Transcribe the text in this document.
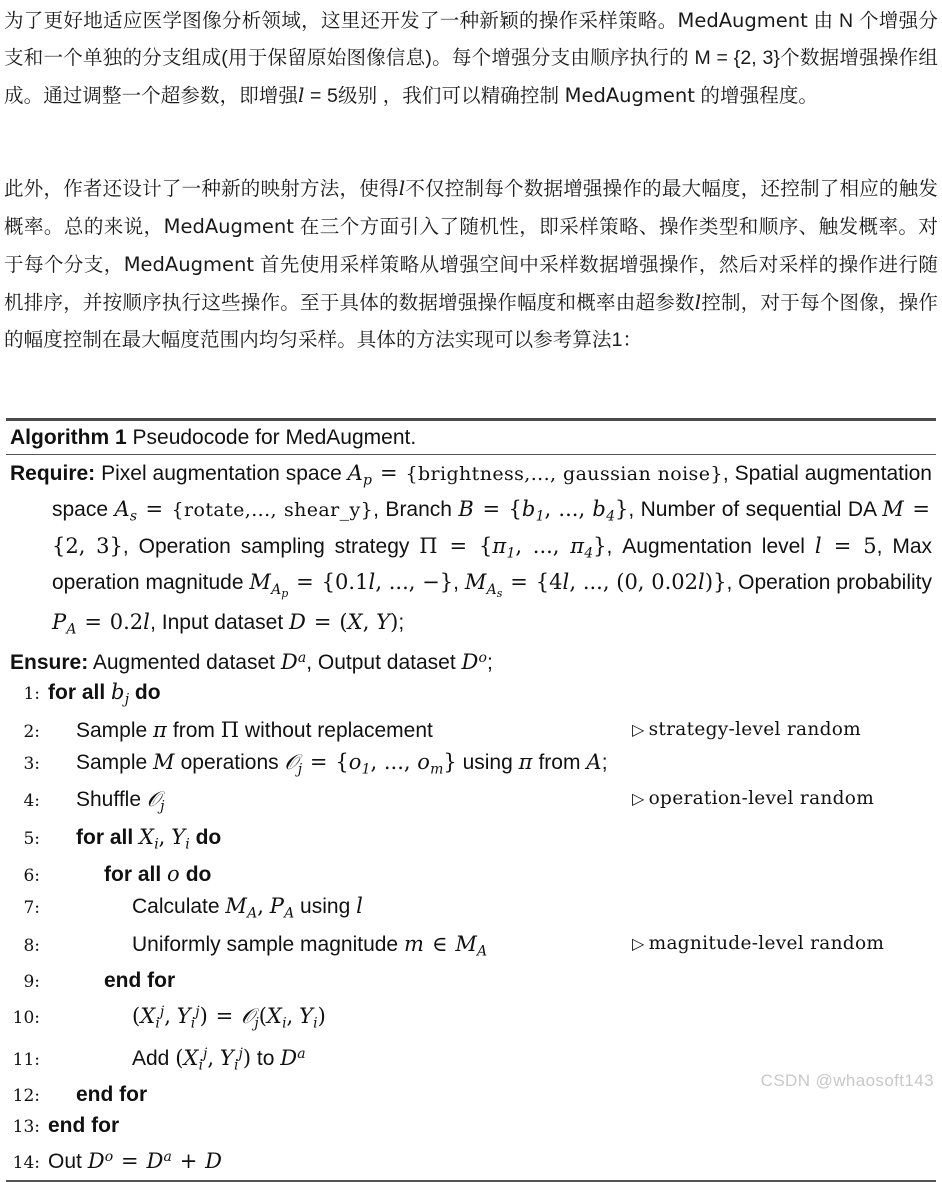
为了更好地适应医学图像分析领域，这里还开发了一种新颖的操作采样策略。MedAugment 由 N 个增强分支和一个单独的分支组成(用于保留原始图像信息)。每个增强分支由顺序执行的 M = {2, 3}个数据增强操作组成。通过调整一个超参数，即增强l = 5级别 ，我们可以精确控制 MedAugment 的增强程度。
此外，作者还设计了一种新的映射方法，使得l不仅控制每个数据增强操作的最大幅度，还控制了相应的触发概率。总的来说，MedAugment 在三个方面引入了随机性，即采样策略、操作类型和顺序、触发概率。对于每个分支，MedAugment 首先使用采样策略从增强空间中采样数据增强操作，然后对采样的操作进行随机排序，并按顺序执行这些操作。至于具体的数据增强操作幅度和概率由超参数l控制，对于每个图像，操作的幅度控制在最大幅度范围内均匀采样。具体的方法实现可以参考算法1：
Algorithm 1 Pseudocode for MedAugment.
Require: Pixel augmentation space $A_p$ = {brightness,..., gaussian noise}, Spatial augmentation space $A_s$ = {rotate,..., shear_y}, Branch $B = \{b_1$, ..., $b_4$}, Number of sequential DA M = {2, 3}, Operation sampling strategy $\Pi = \{\pi_1$, ..., $\pi_4$}, Augmentation level l = 5, Max operation magnitude $M_{A_p} = \{0.1l$, ..., −}, $M_{A_s} = \{4l$, ..., (0, 0.02l)}, Operation probability $P_A = 0.2l$, Input dataset D = (X, Y);
Ensure: Augmented dataset $D^a$, Output dataset $D^o$;
1: for all $b_j$ do
2:	Sample π from Π without replacement	▷ strategy-level random
3:	Sample M operations 𝒪$_j$ = {$o_1$, ..., $o_m$} using π from A;
4:	Shuffle 𝒪$_j$	▷ operation-level random
5:	for all $X_i$, $Y_i$ do
6:	for all o do
7:	Calculate $M_A$, $P_A$ using l
8:	Uniformly sample magnitude m ∈ $M_A$	▷ magnitude-level random
9:	end for
10:	($X_i^j$, $Y_i^j$) = $𝒪_j(X_i$, $Y_i$)
11:	Add ($X_i^j$, $Y_i^j$) to $D^a$
12:	end for
13: end for
14: Out $D^o = D^a + D$
CSDN @whaosoft143
